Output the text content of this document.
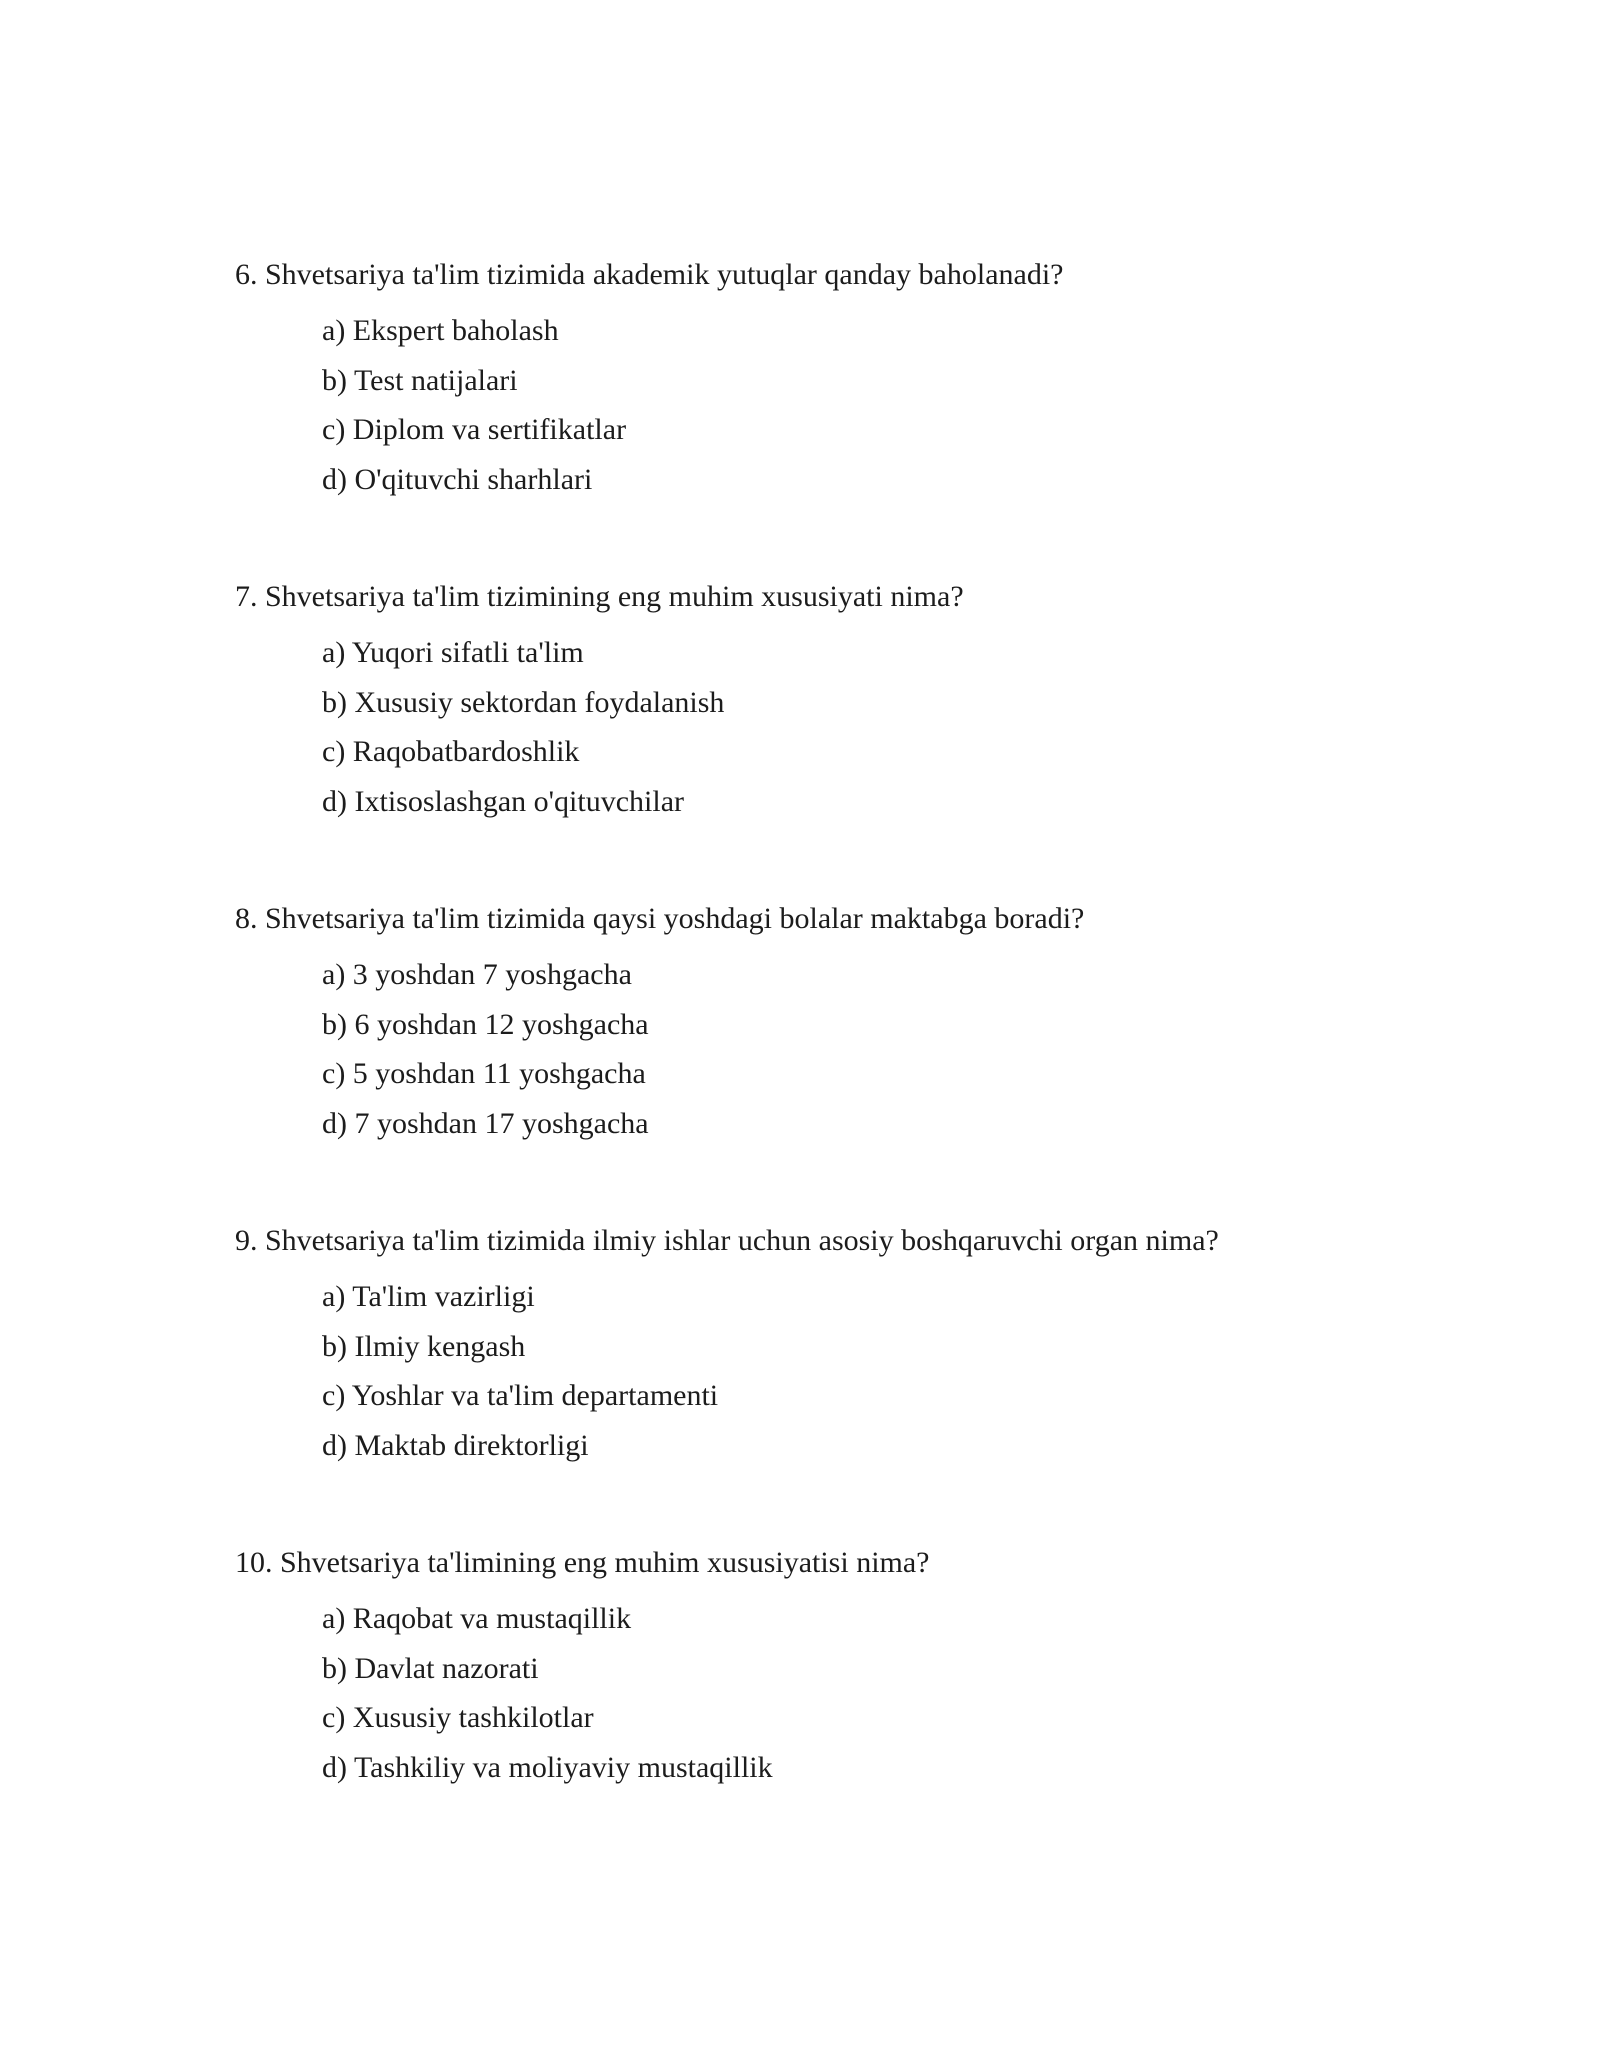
6. Shvetsariya ta'lim tizimida akademik yutuqlar qanday baholanadi?

a) Ekspert baholash
b) Test natijalari
c) Diplom va sertifikatlar
d) O'qituvchi sharhlari

7. Shvetsariya ta'lim tizimining eng muhim xususiyati nima?

a) Yuqori sifatli ta'lim
b) Xususiy sektordan foydalanish
c) Raqobatbardoshlik
d) Ixtisoslashgan o'qituvchilar

8. Shvetsariya ta'lim tizimida qaysi yoshdagi bolalar maktabga boradi?

a) 3 yoshdan 7 yoshgacha
b) 6 yoshdan 12 yoshgacha
c) 5 yoshdan 11 yoshgacha
d) 7 yoshdan 17 yoshgacha

9. Shvetsariya ta'lim tizimida ilmiy ishlar uchun asosiy boshqaruvchi organ nima?

a) Ta'lim vazirligi
b) Ilmiy kengash
c) Yoshlar va ta'lim departamenti
d) Maktab direktorligi

10. Shvetsariya ta'limining eng muhim xususiyatisi nima?

a) Raqobat va mustaqillik
b) Davlat nazorati
c) Xususiy tashkilotlar
d) Tashkiliy va moliyaviy mustaqillik
